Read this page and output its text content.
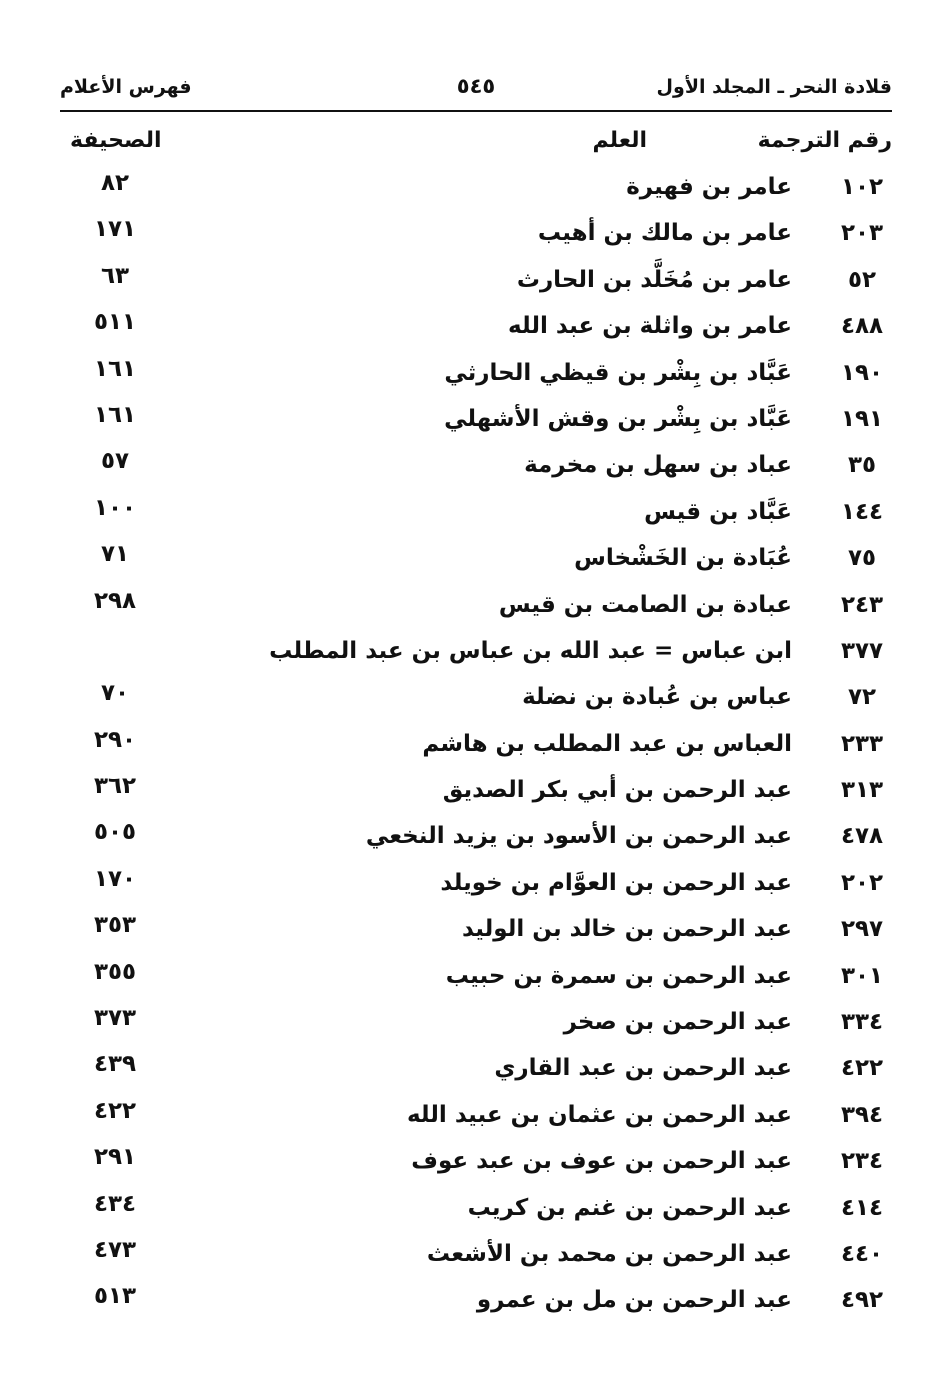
قلادة النحر ـ المجلد الأول
٥٤٥
فهرس الأعلام
رقم الترجمة
العلم
الصحيفة
١٠٢
عامر بن فهيرة
٨٢
٢٠٣
عامر بن مالك بن أهيب
١٧١
٥٢
عامر بن مُخَلَّد بن الحارث
٦٣
٤٨٨
عامر بن واثلة بن عبد الله
٥١١
١٩٠
عَبَّاد بن بِشْر بن قيظي الحارثي
١٦١
١٩١
عَبَّاد بن بِشْر بن وقش الأشهلي
١٦١
٣٥
عباد بن سهل بن مخرمة
٥٧
١٤٤
عَبَّاد بن قيس
١٠٠
٧٥
عُبَادة بن الخَشْخاس
٧١
٢٤٣
عبادة بن الصامت بن قيس
٢٩٨
٣٧٧
ابن عباس = عبد الله بن عباس بن عبد المطلب
٧٢
عباس بن عُبادة بن نضلة
٧٠
٢٣٣
العباس بن عبد المطلب بن هاشم
٢٩٠
٣١٣
عبد الرحمن بن أبي بكر الصديق
٣٦٢
٤٧٨
عبد الرحمن بن الأسود بن يزيد النخعي
٥٠٥
٢٠٢
عبد الرحمن بن العوَّام بن خويلد
١٧٠
٢٩٧
عبد الرحمن بن خالد بن الوليد
٣٥٣
٣٠١
عبد الرحمن بن سمرة بن حبيب
٣٥٥
٣٣٤
عبد الرحمن بن صخر
٣٧٣
٤٢٢
عبد الرحمن بن عبد القاري
٤٣٩
٣٩٤
عبد الرحمن بن عثمان بن عبيد الله
٤٢٢
٢٣٤
عبد الرحمن بن عوف بن عبد عوف
٢٩١
٤١٤
عبد الرحمن بن غنم بن كريب
٤٣٤
٤٤٠
عبد الرحمن بن محمد بن الأشعث
٤٧٣
٤٩٢
عبد الرحمن بن مل بن عمرو
٥١٣
